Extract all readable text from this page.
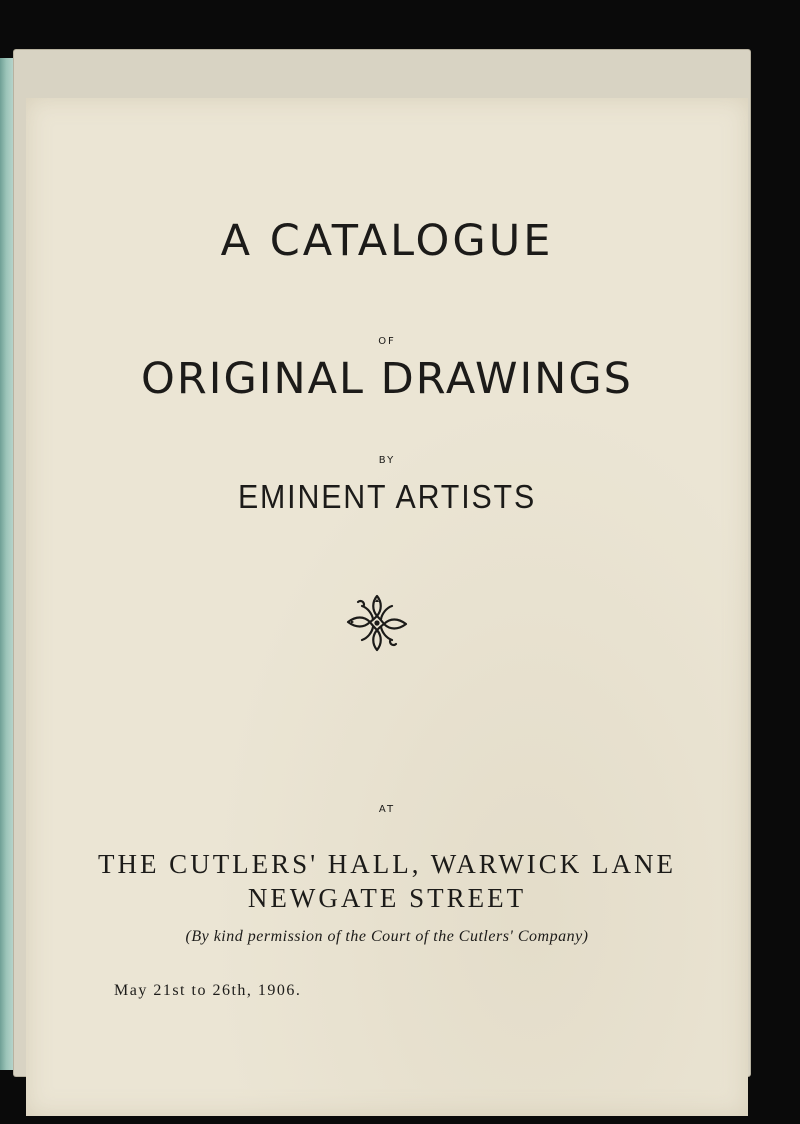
A CATALOGUE

OF

ORIGINAL DRAWINGS

BY

EMINENT ARTISTS

AT

THE CUTLERS' HALL, WARWICK LANE

NEWGATE STREET

(By kind permission of the Court of the Cutlers' Company)

May 21st to 26th, 1906.
